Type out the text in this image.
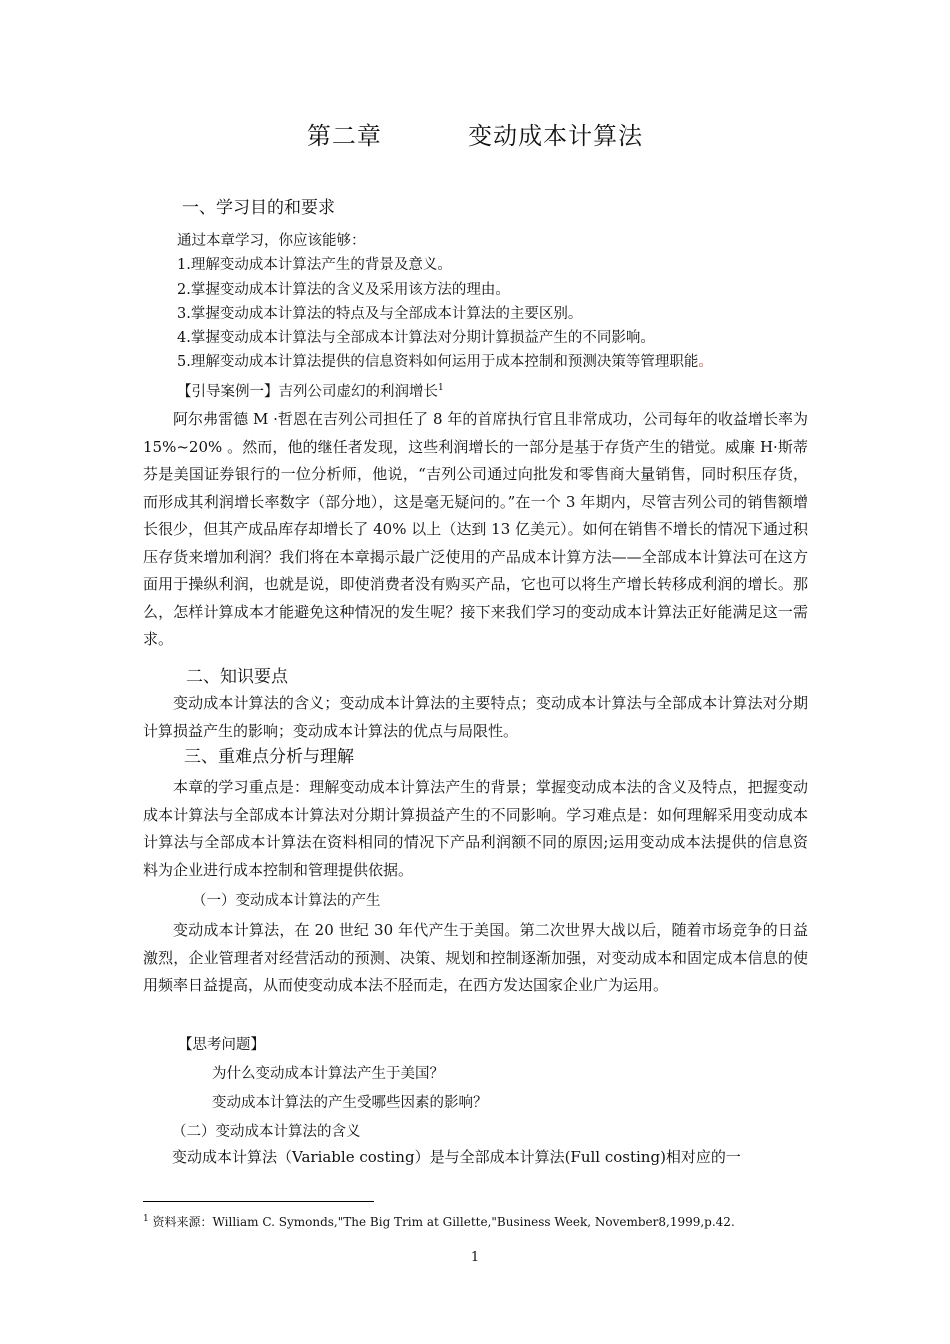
第二章          变动成本计算法
一、学习目的和要求
通过本章学习，你应该能够：
1.理解变动成本计算法产生的背景及意义。
2.掌握变动成本计算法的含义及采用该方法的理由。
3.掌握变动成本计算法的特点及与全部成本计算法的主要区别。
4.掌握变动成本计算法与全部成本计算法对分期计算损益产生的不同影响。
5.理解变动成本计算法提供的信息资料如何运用于成本控制和预测决策等管理职能。
【引导案例一】吉列公司虚幻的利润增长$^1$
阿尔弗雷德 M ·哲恩在吉列公司担任了 8 年的首席执行官且非常成功，公司每年的收益增长率为 15%~20% 。然而，他的继任者发现，这些利润增长的一部分是基于存货产生的错觉。威廉 H·斯蒂芬是美国证券银行的一位分析师，他说，“吉列公司通过向批发和零售商大量销售，同时积压存货，而形成其利润增长率数字（部分地），这是毫无疑问的。”在一个 3 年期内，尽管吉列公司的销售额增长很少，但其产成品库存却增长了 40% 以上（达到 13 亿美元）。如何在销售不增长的情况下通过积压存货来增加利润？我们将在本章揭示最广泛使用的产品成本计算方法——全部成本计算法可在这方面用于操纵利润，也就是说，即使消费者没有购买产品，它也可以将生产增长转移成利润的增长。那么，怎样计算成本才能避免这种情况的发生呢？接下来我们学习的变动成本计算法正好能满足这一需求。
二、知识要点
变动成本计算法的含义；变动成本计算法的主要特点；变动成本计算法与全部成本计算法对分期计算损益产生的影响；变动成本计算法的优点与局限性。
三、重难点分析与理解
本章的学习重点是：理解变动成本计算法产生的背景；掌握变动成本法的含义及特点，把握变动成本计算法与全部成本计算法对分期计算损益产生的不同影响。学习难点是：如何理解采用变动成本计算法与全部成本计算法在资料相同的情况下产品利润额不同的原因;运用变动成本法提供的信息资料为企业进行成本控制和管理提供依据。
（一）变动成本计算法的产生
变动成本计算法，在 20 世纪 30 年代产生于美国。第二次世界大战以后，随着市场竞争的日益激烈，企业管理者对经营活动的预测、决策、规划和控制逐渐加强，对变动成本和固定成本信息的使用频率日益提高，从而使变动成本法不胫而走，在西方发达国家企业广为运用。
【思考问题】
为什么变动成本计算法产生于美国？
变动成本计算法的产生受哪些因素的影响？
（二）变动成本计算法的含义
变动成本计算法（Variable costing）是与全部成本计算法(Full costing)相对应的一
$^1$ 资料来源：William C. Symonds,"The Big Trim at Gillette,"Business Week, November8,1999,p.42.
1
